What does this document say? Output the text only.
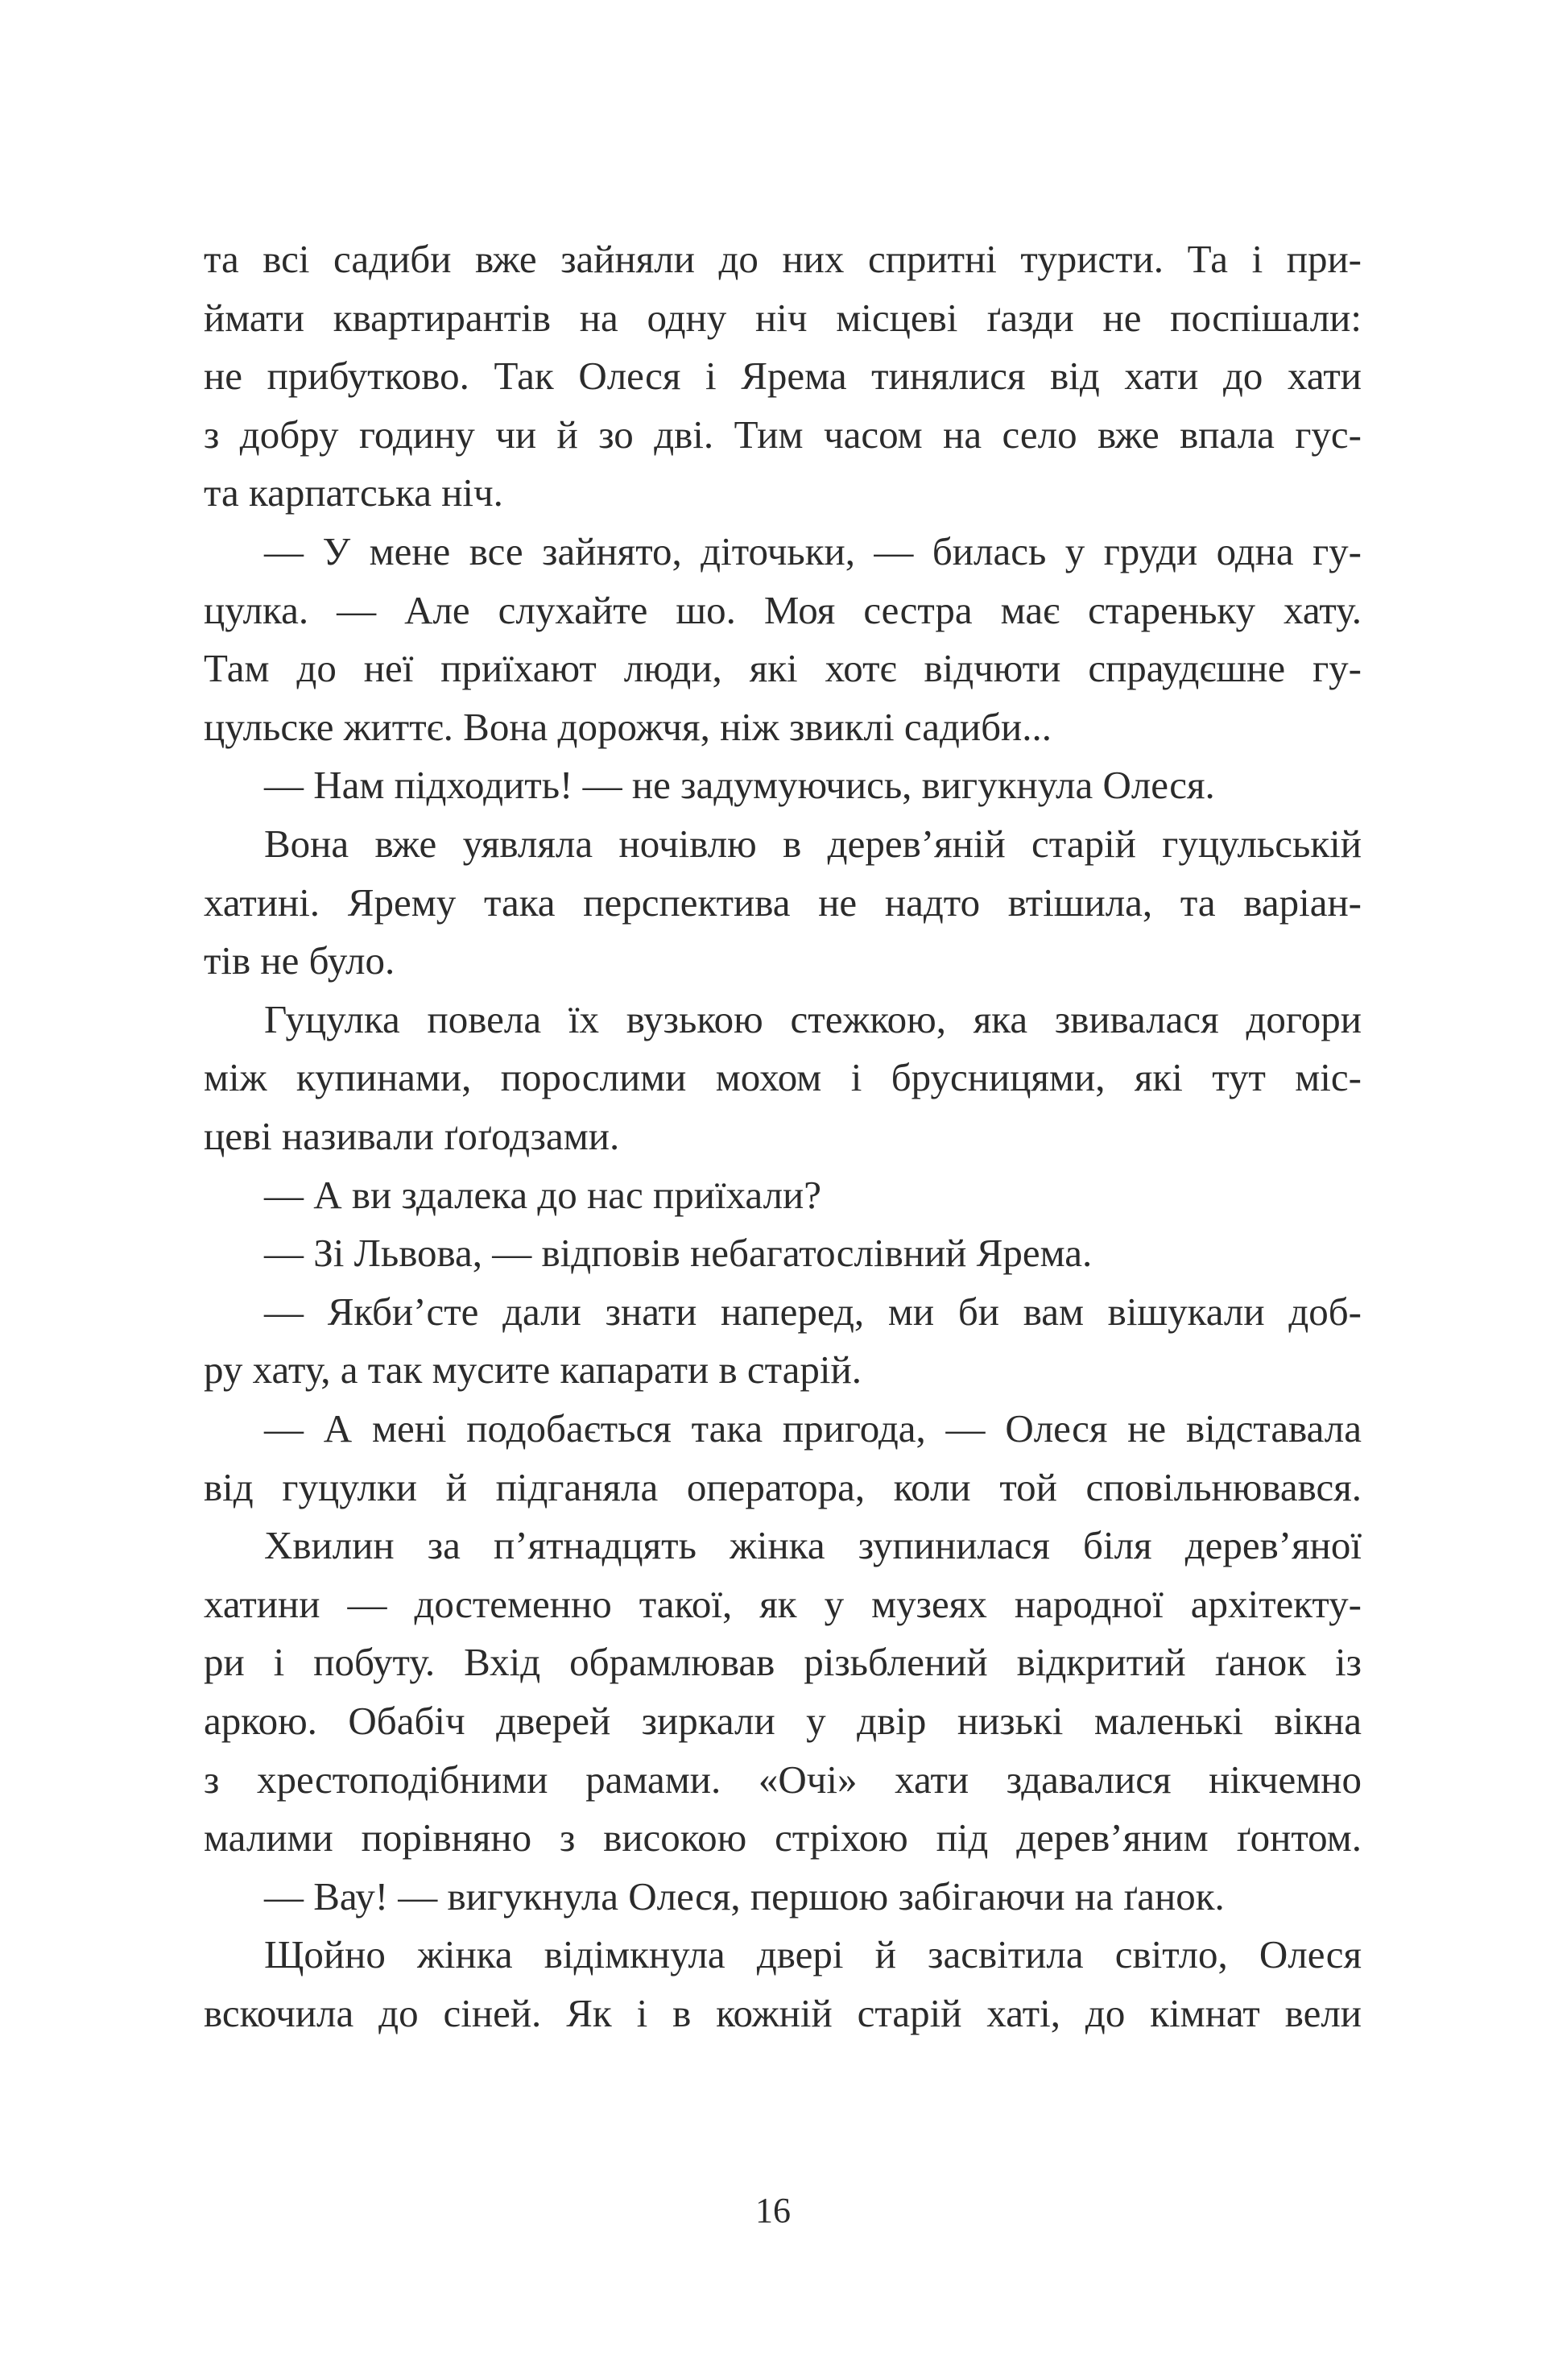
та всі садиби вже зайняли до них спритні туристи. Та і при-
ймати квартирантів на одну ніч місцеві ґазди не поспішали:
не прибутково. Так Олеся і Ярема тинялися від хати до хати
з добру годину чи й зо дві. Тим часом на село вже впала гус-
та карпатська ніч.
— У мене все зайнято, діточьки, — билась у груди одна гу-
цулка. — Але слухайте шо. Моя сестра має стареньку хату.
Там до неї приїхают люди, які хотє відчюти спраудєшне гу-
цульске життє. Вона дорожчя, ніж звиклі садиби...
— Нам підходить! — не задумуючись, вигукнула Олеся.
Вона вже уявляла ночівлю в дерев’яній старій гуцульській
хатині. Ярему така перспектива не надто втішила, та варіан-
тів не було.
Гуцулка повела їх вузькою стежкою, яка звивалася догори
між купинами, порослими мохом і брусницями, які тут міс-
цеві називали ґоґодзами.
— А ви здалека до нас приїхали?
— Зі Львова, — відповів небагатослівний Ярема.
— Якби’сте дали знати наперед, ми би вам вішукали доб-
ру хату, а так мусите капарати в старій.
— А мені подобається така пригода, — Олеся не відставала
від гуцулки й підганяла оператора, коли той сповільнювався.
Хвилин за п’ятнадцять жінка зупинилася біля дерев’яної
хатини — достеменно такої, як у музеях народної архітекту-
ри і побуту. Вхід обрамлював різьблений відкритий ґанок із
аркою. Обабіч дверей зиркали у двір низькі маленькі вікна
з хрестоподібними рамами. «Очі» хати здавалися нікчемно
малими порівняно з високою стріхою під дерев’яним ґонтом.
— Вау! — вигукнула Олеся, першою забігаючи на ґанок.
Щойно жінка відімкнула двері й засвітила світло, Олеся
вскочила до сіней. Як і в кожній старій хаті, до кімнат вели
16
